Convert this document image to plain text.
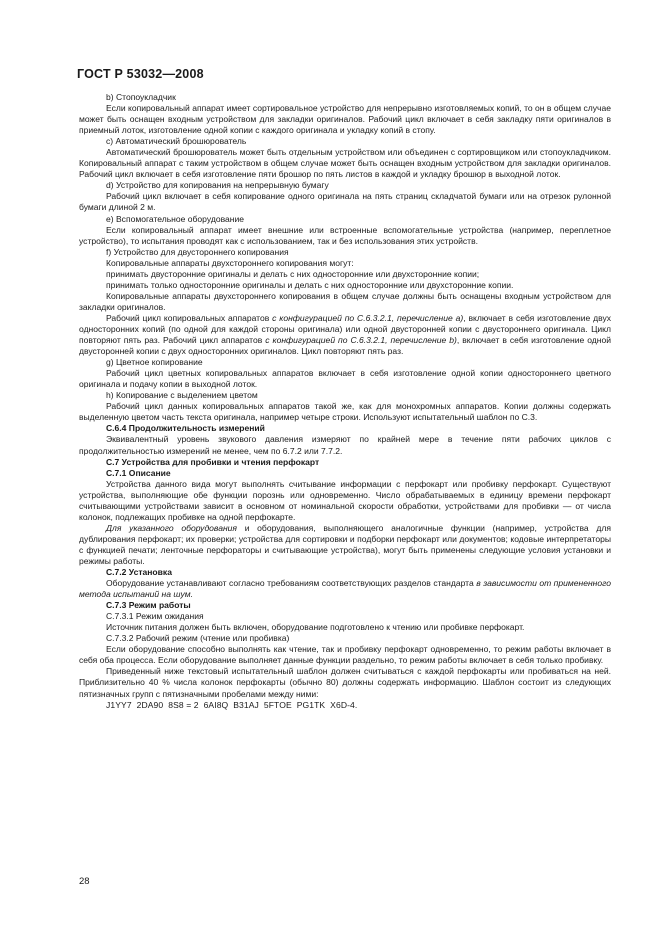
ГОСТ Р 53032—2008

b) Стопоукладчик

Если копировальный аппарат имеет сортировальное устройство для непрерывно изготовляемых копий, то он в общем случае может быть оснащен входным устройством для закладки оригиналов. Рабочий цикл включает в себя закладку пяти оригиналов в приемный лоток, изготовление одной копии с каждого оригинала и укладку копий в стопу.

c) Автоматический брошюрователь

Автоматический брошюрователь может быть отдельным устройством или объединен с сортировщиком или стопоукладчиком. Копировальный аппарат с таким устройством в общем случае может быть оснащен входным устройством для закладки оригиналов. Рабочий цикл включает в себя изготовление пяти брошюр по пять листов в каждой и укладку брошюр в выходной лоток.

d) Устройство для копирования на непрерывную бумагу

Рабочий цикл включает в себя копирование одного оригинала на пять страниц складчатой бумаги или на отрезок рулонной бумаги длиной 2 м.

e) Вспомогательное оборудование

Если копировальный аппарат имеет внешние или встроенные вспомогательные устройства (например, переплетное устройство), то испытания проводят как с использованием, так и без использования этих устройств.

f) Устройство для двустороннего копирования

Копировальные аппараты двухстороннего копирования могут:

принимать двусторонние оригиналы и делать с них односторонние или двухсторонние копии;

принимать только односторонние оригиналы и делать с них односторонние или двухсторонние копии.

Копировальные аппараты двухстороннего копирования в общем случае должны быть оснащены входным устройством для закладки оригиналов.

Рабочий цикл копировальных аппаратов с конфигурацией по С.6.3.2.1, перечисление a), включает в себя изготовление двух односторонних копий (по одной для каждой стороны оригинала) или одной двусторонней копии с двустороннего оригинала. Цикл повторяют пять раз. Рабочий цикл аппаратов с конфигурацией по С.6.3.2.1, перечисление b), включает в себя изготовление одной двусторонней копии с двух односторонних оригиналов. Цикл повторяют пять раз.

g) Цветное копирование

Рабочий цикл цветных копировальных аппаратов включает в себя изготовление одной копии одностороннего цветного оригинала и подачу копии в выходной лоток.

h) Копирование с выделением цветом

Рабочий цикл данных копировальных аппаратов такой же, как для монохромных аппаратов. Копии должны содержать выделенную цветом часть текста оригинала, например четыре строки. Используют испытательный шаблон по С.3.

С.6.4 Продолжительность измерений

Эквивалентный уровень звукового давления измеряют по крайней мере в течение пяти рабочих циклов с продолжительностью измерений не менее, чем по 6.7.2 или 7.7.2.

С.7 Устройства для пробивки и чтения перфокарт

С.7.1 Описание

Устройства данного вида могут выполнять считывание информации с перфокарт или пробивку перфокарт. Существуют устройства, выполняющие обе функции порознь или одновременно. Число обрабатываемых в единицу времени перфокарт считывающими устройствами зависит в основном от номинальной скорости обработки, устройствами для пробивки — от числа колонок, подлежащих пробивке на одной перфокарте.

Для указанного оборудования и оборудования, выполняющего аналогичные функции (например, устройства для дублирования перфокарт; их проверки; устройства для сортировки и подборки перфокарт или документов; кодовые интерпретаторы с функцией печати; ленточные перфораторы и считывающие устройства), могут быть применены следующие условия установки и режимы работы.

С.7.2 Установка

Оборудование устанавливают согласно требованиям соответствующих разделов стандарта в зависимости от примененного метода испытаний на шум.

С.7.3 Режим работы

С.7.3.1 Режим ожидания

Источник питания должен быть включен, оборудование подготовлено к чтению или пробивке перфокарт.

С.7.3.2 Рабочий режим (чтение или пробивка)

Если оборудование способно выполнять как чтение, так и пробивку перфокарт одновременно, то режим работы включает в себя оба процесса. Если оборудование выполняет данные функции раздельно, то режим работы включает в себя только пробивку.

Приведенный ниже текстовый испытательный шаблон должен считываться с каждой перфокарты или пробиваться на ней. Приблизительно 40 % числа колонок перфокарты (обычно 80) должны содержать информацию. Шаблон состоит из следующих пятизначных групп с пятизначными пробелами между ними:

J1YY7  2DA90  8S8 = 2  6AI8Q  B31AJ  5FTOE  PG1TK  X6D-4.

28
